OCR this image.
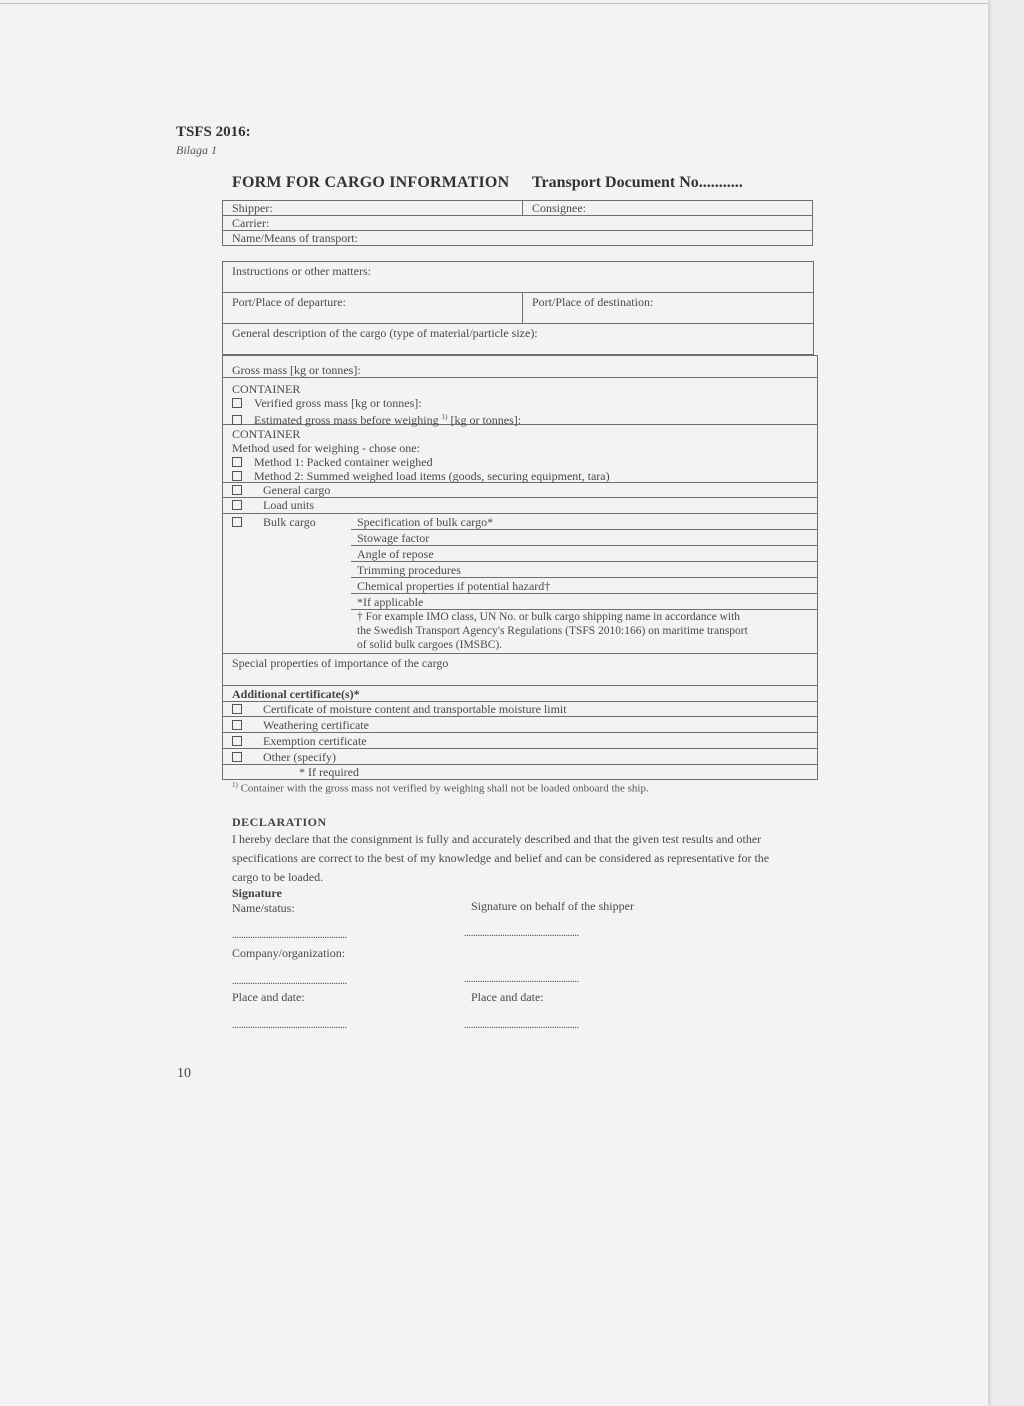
TSFS 2016:
Bilaga 1
FORM FOR CARGO INFORMATION Transport Document No...........
Shipper:	Consignee:
Carrier:
Name/Means of transport:
Instructions or other matters:
Port/Place of departure:	Port/Place of destination:
General description of the cargo (type of material/particle size):
Gross mass [kg or tonnes]:
CONTAINER
Verified gross mass [kg or tonnes]:
Estimated gross mass before weighing $^{1)}$ [kg or tonnes]:
CONTAINER
Method used for weighing - chose one:
Method 1: Packed container weighed
Method 2: Summed weighed load items (goods, securing equipment, tara)
General cargo
Load units
Bulk cargo	Specification of bulk cargo*
Stowage factor
Angle of repose
Trimming procedures
Chemical properties if potential hazard†
*If applicable
† For example IMO class, UN No. or bulk cargo shipping name in accordance with
the Swedish Transport Agency's Regulations (TSFS 2010:166) on maritime transport
of solid bulk cargoes (IMSBC).
Special properties of importance of the cargo
Additional certificate(s)*
Certificate of moisture content and transportable moisture limit
Weathering certificate
Exemption certificate
Other (specify)
* If required
$^{1)}$ Container with the gross mass not verified by weighing shall not be loaded onboard the ship.
DECLARATION
I hereby declare that the consignment is fully and accurately described and that the given test results and other specifications are correct to the best of my knowledge and belief and can be considered as representative for the cargo to be loaded.
Signature
Name/status:	Signature on behalf of the shipper
...................................................	...................................................
Company/organization:
...................................................	...................................................
Place and date:	Place and date:
...................................................	...................................................
10
